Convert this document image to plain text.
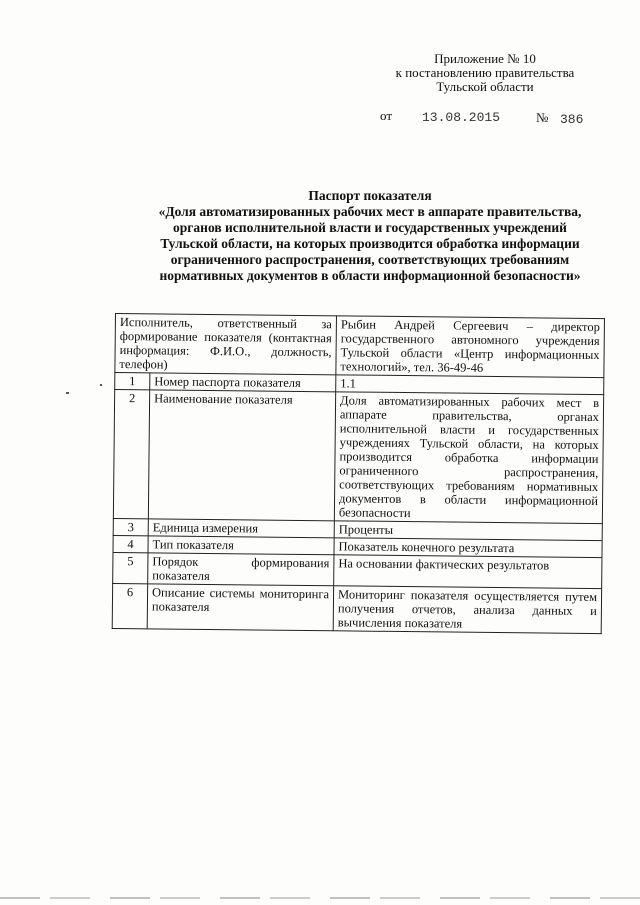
Приложение № 10
к постановлению правительства
Тульской области
от 13.08.2015	№ 386
Паспорт показателя
«Доля автоматизированных рабочих мест в аппарате правительства,
органов исполнительной власти и государственных учреждений
Тульской области, на которых производится обработка информации
ограниченного распространения, соответствующих требованиям
нормативных документов в области информационной безопасности»
Исполнитель, ответственный за формирование показателя (контактная информация: Ф.И.О., должность, телефон)		Рыбин Андрей Сергеевич – директор государственного автономного учреждения Тульской области «Центр информационных технологий», тел. 36-49-46
1	Номер паспорта показателя	1.1
2	Наименование показателя	Доля автоматизированных рабочих мест в аппарате правительства, органах исполнительной власти и государственных учреждениях Тульской области, на которых производится обработка информации ограниченного распространения, соответствующих требованиям нормативных документов в области информационной безопасности
3	Единица измерения	Проценты
4	Тип показателя	Показатель конечного результата
5	Порядок формирования показателя	На основании фактических результатов
6	Описание системы мониторинга показателя	Мониторинг показателя осуществляется путем получения отчетов, анализа данных и вычисления показателя
